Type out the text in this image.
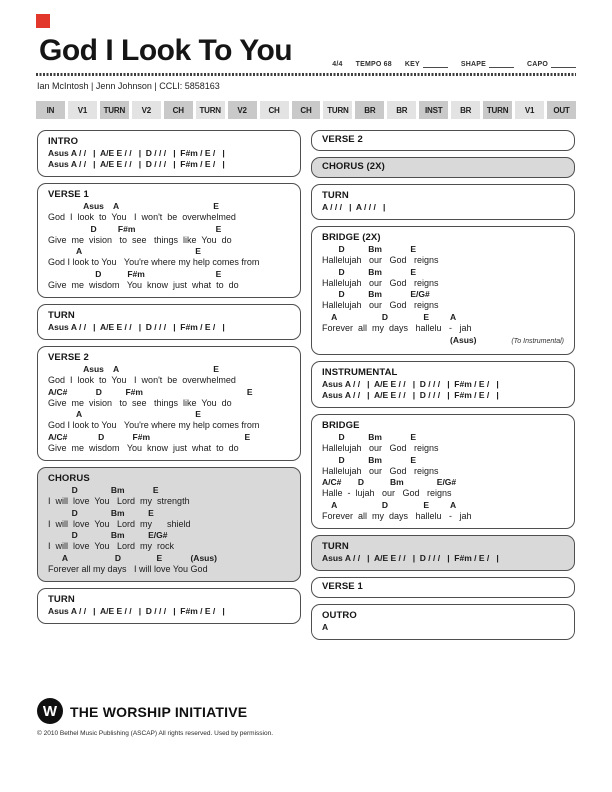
God I Look To You	4/4 TEMPO 68 KEY	SHAPE	CAPO
Ian McIntosh | Jenn Johnson | CCLI: 5858163
IN	V1	TURN	V2	CH	TURN	V2	CH	CH	TURN	BR	BR	INST	BR	TURN	V1	OUT
INTRO
Asus A / /   |  A/E E / /   |  D / / /   |  F#m / E /   |
Asus A / /   |  A/E E / /   |  D / / /   |  F#m / E /   |
VERSE 1
Asus    A                                        E
God  I  look  to  You   I  won't  be  overwhelmed
D         F#m                                  E
Give  me  vision   to  see   things  like  You  do
A                                                E
God I look to You   You're where my help comes from
D           F#m                              E
Give  me  wisdom   You  know  just  what  to  do
TURN
Asus A / /   |  A/E E / /   |  D / / /   |  F#m / E /   |
VERSE 2
Asus    A                                        E
God  I  look  to  You   I  won't  be  overwhelmed
A/C#            D          F#m                                            E
Give  me  vision   to  see   things  like  You  do
A                                                E
God I look to You   You're where my help comes from
A/C#             D            F#m                                        E
Give  me  wisdom   You  know  just  what  to  do
CHORUS
D              Bm            E
I  will  love  You   Lord  my  strength
D              Bm          E
I  will  love  You   Lord  my      shield
D              Bm          E/G#
I  will  love  You   Lord  my  rock
A                    D               E            (Asus)
Forever all my days   I will love You God
TURN
Asus A / /   |  A/E E / /   |  D / / /   |  F#m / E /   |
VERSE 2
CHORUS (2X)
TURN
A / / /   |  A / / /   |
BRIDGE (2X)
D          Bm            E
Hallelujah   our   God   reigns
D          Bm            E
Hallelujah   our   God   reigns
D          Bm            E/G#
Hallelujah   our   God   reigns
A                   D               E         A
Forever  all  my  days   hallelu   -   jah
(Asus)	(To Instrumental)
INSTRUMENTAL
Asus A / /   |  A/E E / /   |  D / / /   |  F#m / E /   |
Asus A / /   |  A/E E / /   |  D / / /   |  F#m / E /   |
BRIDGE
D          Bm            E
Hallelujah   our   God   reigns
D          Bm            E
Hallelujah   our   God   reigns
A/C#       D           Bm              E/G#
Halle  -  lujah   our   God   reigns
A                   D               E         A
Forever  all  my  days   hallelu   -   jah
TURN
Asus A / /   |  A/E E / /   |  D / / /   |  F#m / E /   |
VERSE 1
OUTRO
A
W THE WORSHIP INITIATIVE
© 2010 Bethel Music Publishing (ASCAP) All rights reserved. Used by permission.
